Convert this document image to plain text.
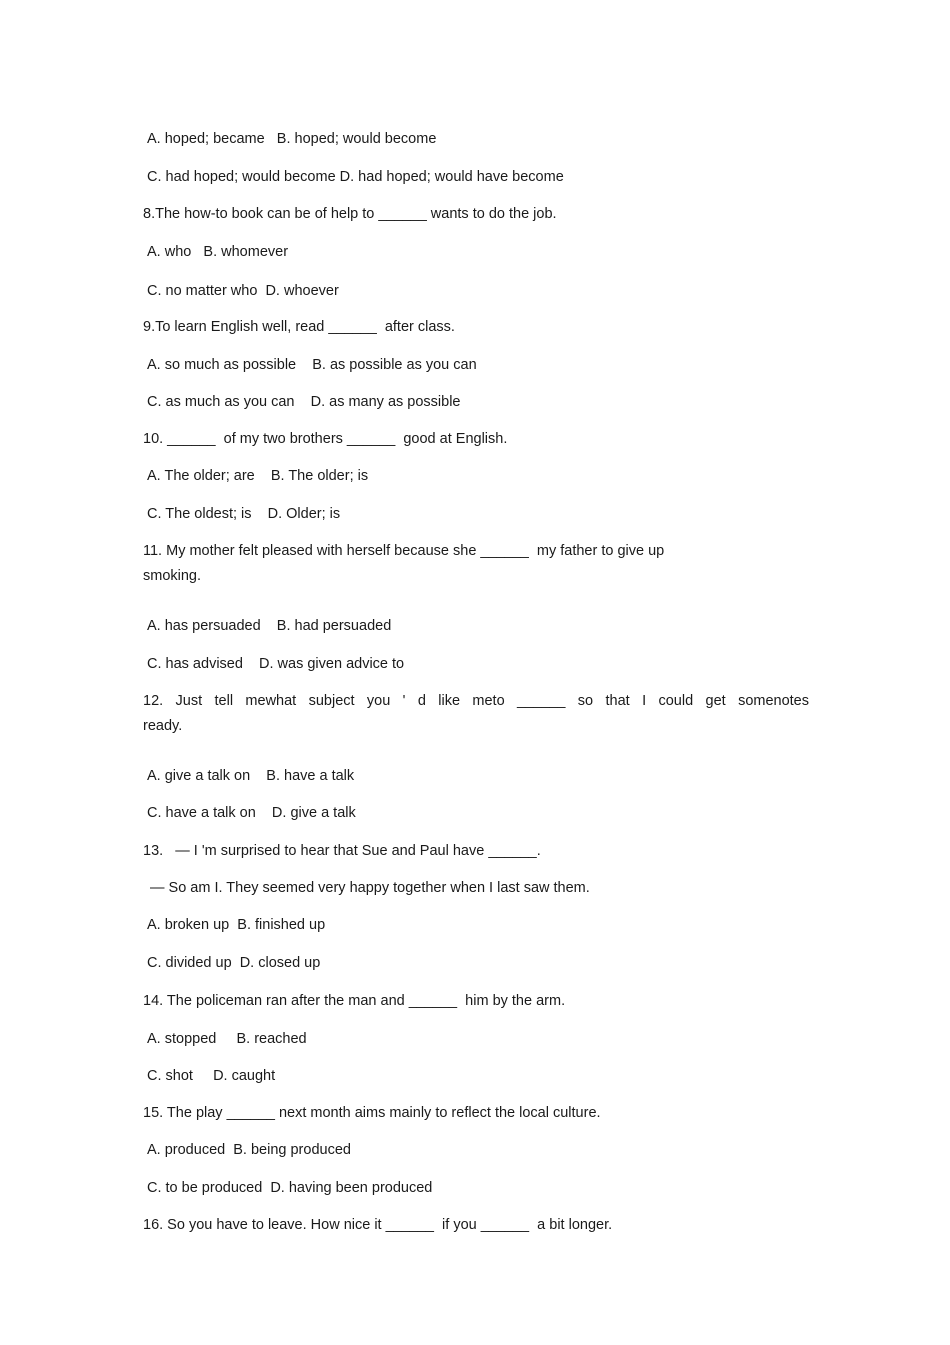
A. hoped; became   B. hoped; would become
C. had hoped; would become D. had hoped; would have become
8.The how-to book can be of help to ______ wants to do the job.
A. who   B. whomever
C. no matter who  D. whoever
9.To learn English well, read ______  after class.
A. so much as possible    B. as possible as you can
C. as much as you can    D. as many as possible
10. ______  of my two brothers ______  good at English.
A. The older; are    B. The older; is
C. The oldest; is    D. Older; is
11. My mother felt pleased with herself because she ______  my father to give up
smoking.
A. has persuaded    B. had persuaded
C. has advised    D. was given advice to
12. Just tell mewhat subject you ' d like meto ______ so that I could get somenotes
ready.
A. give a talk on    B. have a talk
C. have a talk on    D. give a talk
13.   — I 'm surprised to hear that Sue and Paul have ______.
— So am I. They seemed very happy together when I last saw them.
A. broken up  B. finished up
C. divided up  D. closed up
14. The policeman ran after the man and ______  him by the arm.
A. stopped     B. reached
C. shot     D. caught
15. The play ______ next month aims mainly to reflect the local culture.
A. produced  B. being produced
C. to be produced  D. having been produced
16. So you have to leave. How nice it ______  if you ______  a bit longer.
